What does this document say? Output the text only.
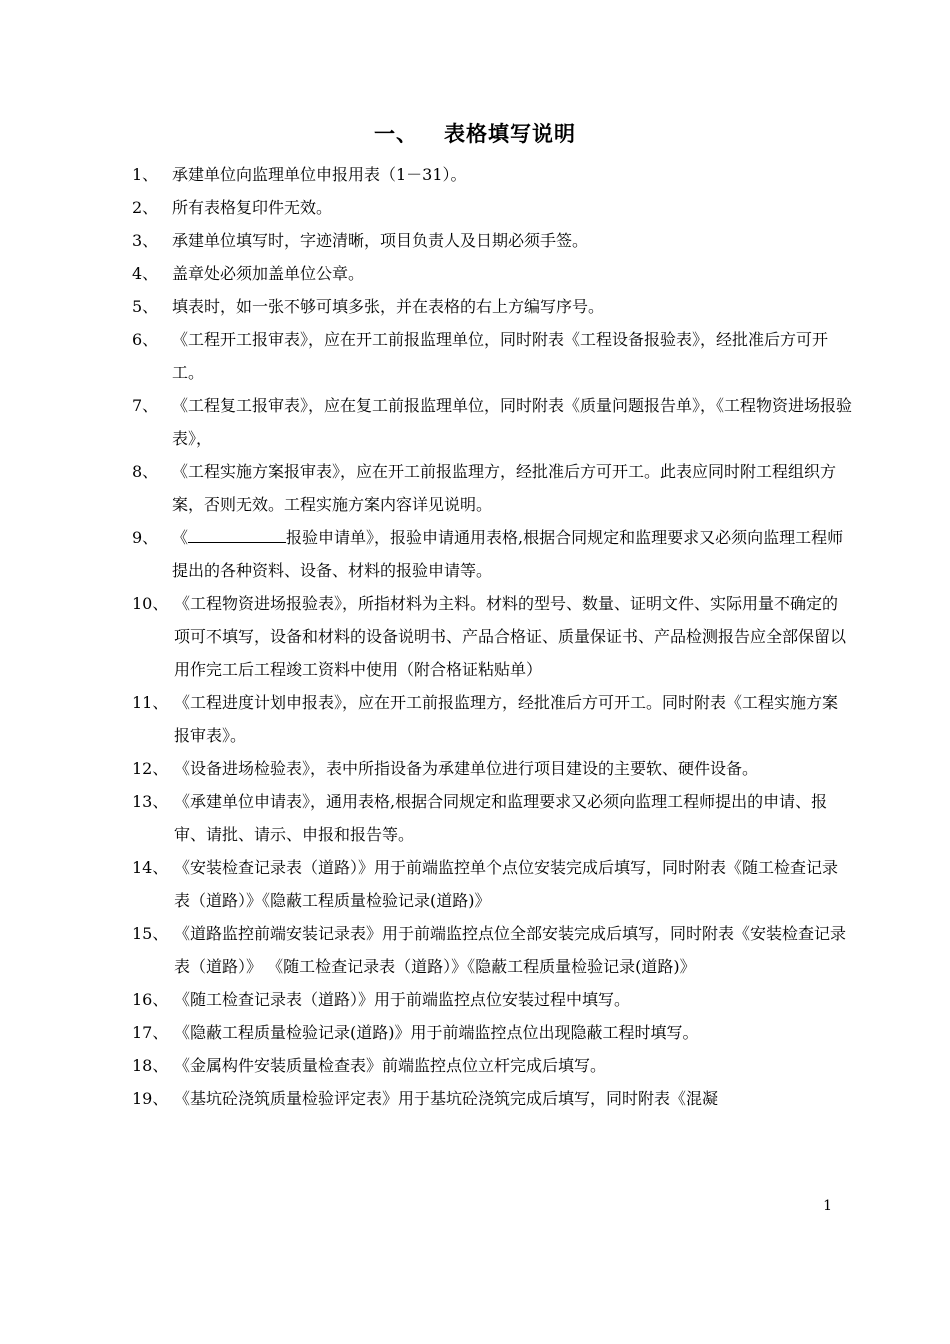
一、 表格填写说明
1、 承建单位向监理单位申报用表（1－31）。
2、 所有表格复印件无效。
3、 承建单位填写时，字迹清晰，项目负责人及日期必须手签。
4、 盖章处必须加盖单位公章。
5、 填表时，如一张不够可填多张，并在表格的右上方编写序号。
6、 《工程开工报审表》，应在开工前报监理单位，同时附表《工程设备报验表》，经批准后方可开工。
7、 《工程复工报审表》，应在复工前报监理单位，同时附表《质量问题报告单》，《工程物资进场报验表》，
8、 《工程实施方案报审表》，应在开工前报监理方，经批准后方可开工。此表应同时附工程组织方案，否则无效。工程实施方案内容详见说明。
9、 《	报验申请单》，报验申请通用表格,根据合同规定和监理要求又必须向监理工程师提出的各种资料、设备、材料的报验申请等。
10、 《工程物资进场报验表》，所指材料为主料。材料的型号、数量、证明文件、实际用量不确定的项可不填写，设备和材料的设备说明书、产品合格证、质量保证书、产品检测报告应全部保留以用作完工后工程竣工资料中使用（附合格证粘贴单）
11、 《工程进度计划申报表》，应在开工前报监理方，经批准后方可开工。同时附表《工程实施方案报审表》。
12、 《设备进场检验表》，表中所指设备为承建单位进行项目建设的主要软、硬件设备。
13、 《承建单位申请表》，通用表格,根据合同规定和监理要求又必须向监理工程师提出的申请、报审、请批、请示、申报和报告等。
14、 《安装检查记录表（道路）》用于前端监控单个点位安装完成后填写，同时附表《随工检查记录表（道路）》《隐蔽工程质量检验记录(道路)》
15、 《道路监控前端安装记录表》用于前端监控点位全部安装完成后填写，同时附表《安装检查记录表（道路）》 《随工检查记录表（道路）》《隐蔽工程质量检验记录(道路)》
16、 《随工检查记录表（道路）》用于前端监控点位安装过程中填写。
17、 《隐蔽工程质量检验记录(道路)》用于前端监控点位出现隐蔽工程时填写。
18、 《金属构件安装质量检查表》前端监控点位立杆完成后填写。
19、 《基坑砼浇筑质量检验评定表》用于基坑砼浇筑完成后填写，同时附表《混凝
1
